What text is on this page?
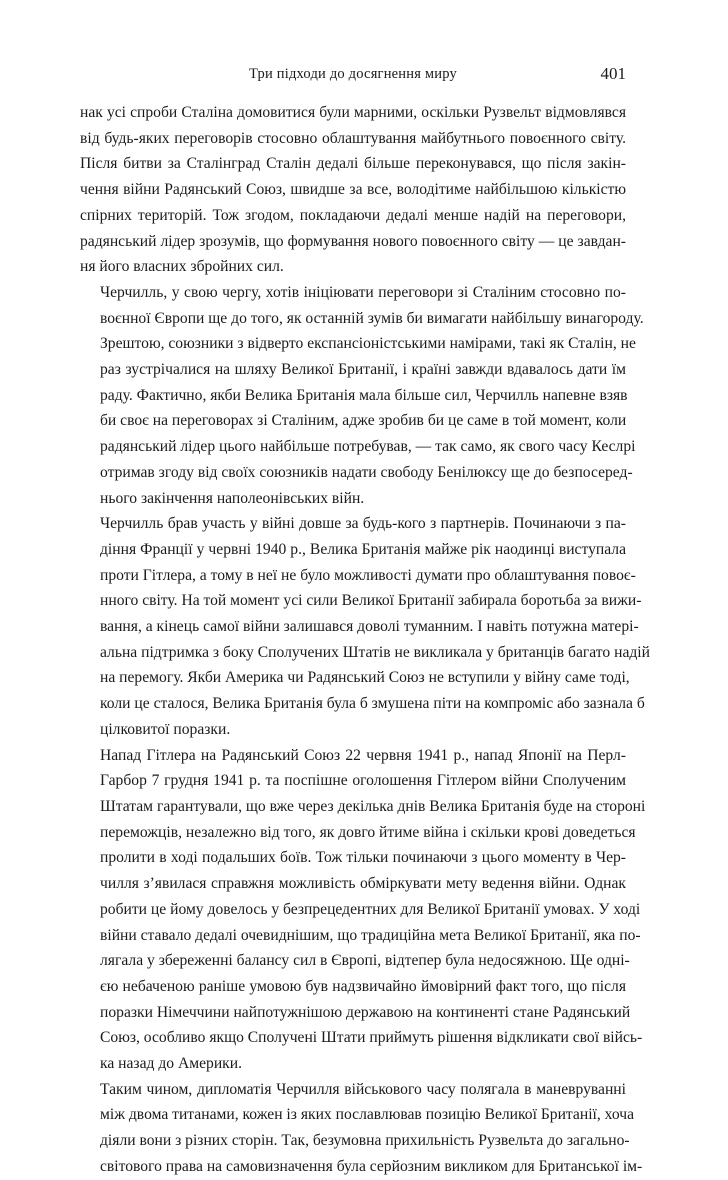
Три підходи до досягнення миру	401

нак усі спроби Сталіна домовитися були марними, оскільки Рузвельт відмовлявся
від будь-яких переговорів стосовно облаштування майбутнього повоєнного світу.
Після битви за Сталінград Сталін дедалі більше переконувався, що після закін-
чення війни Радянський Союз, швидше за все, володітиме найбільшою кількістю
спірних територій. Тож згодом, покладаючи дедалі менше надій на переговори,
радянський лідер зрозумів, що формування нового повоєнного світу — це завдан-
ня його власних збройних сил.

Черчилль, у свою чергу, хотів ініціювати переговори зі Сталіним стосовно по-
воєнної Європи ще до того, як останній зумів би вимагати найбільшу винагороду.
Зрештою, союзники з відверто експансіоністськими намірами, такі як Сталін, не
раз зустрічалися на шляху Великої Британії, і країні завжди вдавалось дати їм
раду. Фактично, якби Велика Британія мала більше сил, Черчилль напевне взяв
би своє на переговорах зі Сталіним, адже зробив би це саме в той момент, коли
радянський лідер цього найбільше потребував, — так само, як свого часу Кеслрі
отримав згоду від своїх союзників надати свободу Бенілюксу ще до безпосеред-
нього закінчення наполеонівських війн.

Черчилль брав участь у війні довше за будь-кого з партнерів. Починаючи з па-
діння Франції у червні 1940 р., Велика Британія майже рік наодинці виступала
проти Гітлера, а тому в неї не було можливості думати про облаштування повоє-
нного світу. На той момент усі сили Великої Британії забирала боротьба за вижи-
вання, а кінець самої війни залишався доволі туманним. І навіть потужна матері-
альна підтримка з боку Сполучених Штатів не викликала у британців багато надій
на перемогу. Якби Америка чи Радянський Союз не вступили у війну саме тоді,
коли це сталося, Велика Британія була б змушена піти на компроміс або зазнала б
цілковитої поразки.

Напад Гітлера на Радянський Союз 22 червня 1941 р., напад Японії на Перл-
Гарбор 7 грудня 1941 р. та поспішне оголошення Гітлером війни Сполученим
Штатам гарантували, що вже через декілька днів Велика Британія буде на стороні
переможців, незалежно від того, як довго йтиме війна і скільки крові доведеться
пролити в ході подальших боїв. Тож тільки починаючи з цього моменту в Чер-
чилля з’явилася справжня можливість обміркувати мету ведення війни. Однак
робити це йому довелось у безпрецедентних для Великої Британії умовах. У ході
війни ставало дедалі очевиднішим, що традиційна мета Великої Британії, яка по-
лягала у збереженні балансу сил в Європі, відтепер була недосяжною. Ще одні-
єю небаченою раніше умовою був надзвичайно ймовірний факт того, що після
поразки Німеччини найпотужнішою державою на континенті стане Радянський
Союз, особливо якщо Сполучені Штати приймуть рішення відкликати свої війсь-
ка назад до Америки.

Таким чином, дипломатія Черчилля військового часу полягала в маневруванні
між двома титанами, кожен із яких пославлював позицію Великої Британії, хоча
діяли вони з різних сторін. Так, безумовна прихильність Рузвельта до загально-
світового права на самовизначення була серйозним викликом для Британської ім-
